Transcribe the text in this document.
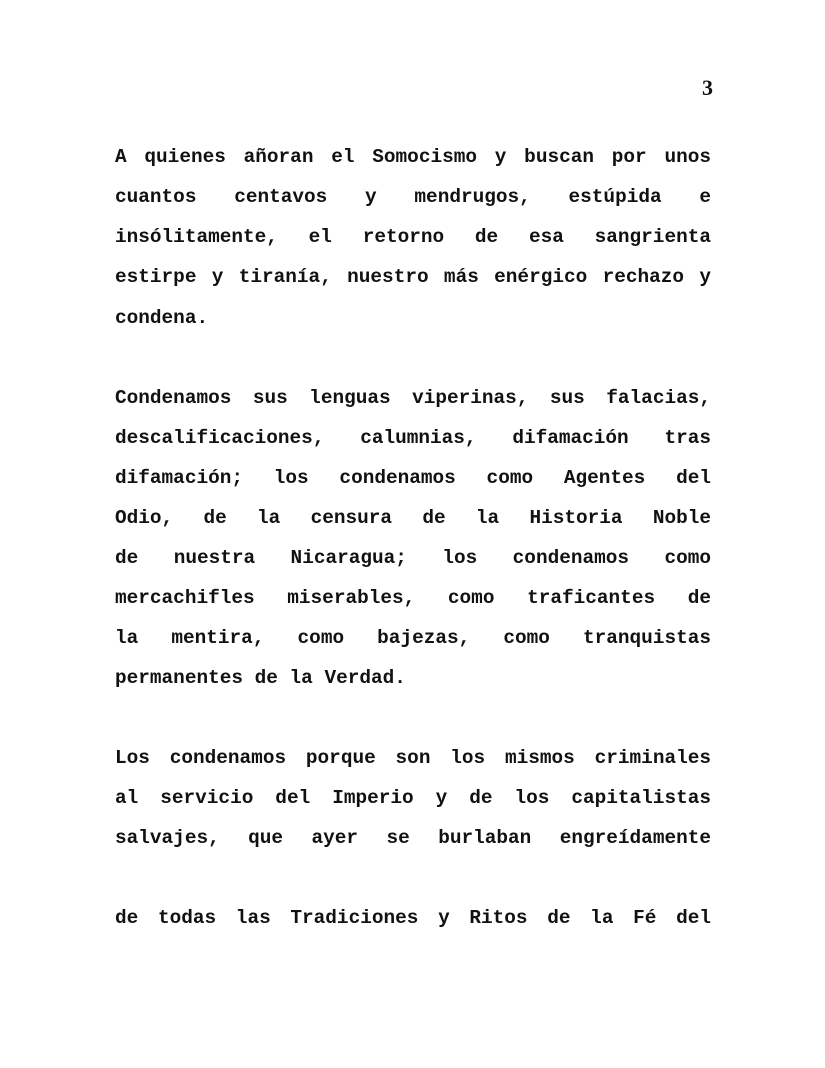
3
A quienes añoran el Somocismo y buscan por unos
cuantos centavos y mendrugos, estúpida e
insólitamente, el retorno de esa sangrienta
estirpe y tiranía, nuestro más enérgico rechazo y
condena.
Condenamos sus lenguas viperinas, sus falacias,
descalificaciones, calumnias, difamación tras
difamación; los condenamos como Agentes del
Odio, de la censura de la Historia Noble
de nuestra Nicaragua; los condenamos como
mercachifles miserables, como traficantes de
la mentira, como bajezas, como tranquistas
permanentes de la Verdad.
Los condenamos porque son los mismos criminales
al servicio del Imperio y de los capitalistas
salvajes, que ayer se burlaban engreídamente
de todas las Tradiciones y Ritos de la Fé del
